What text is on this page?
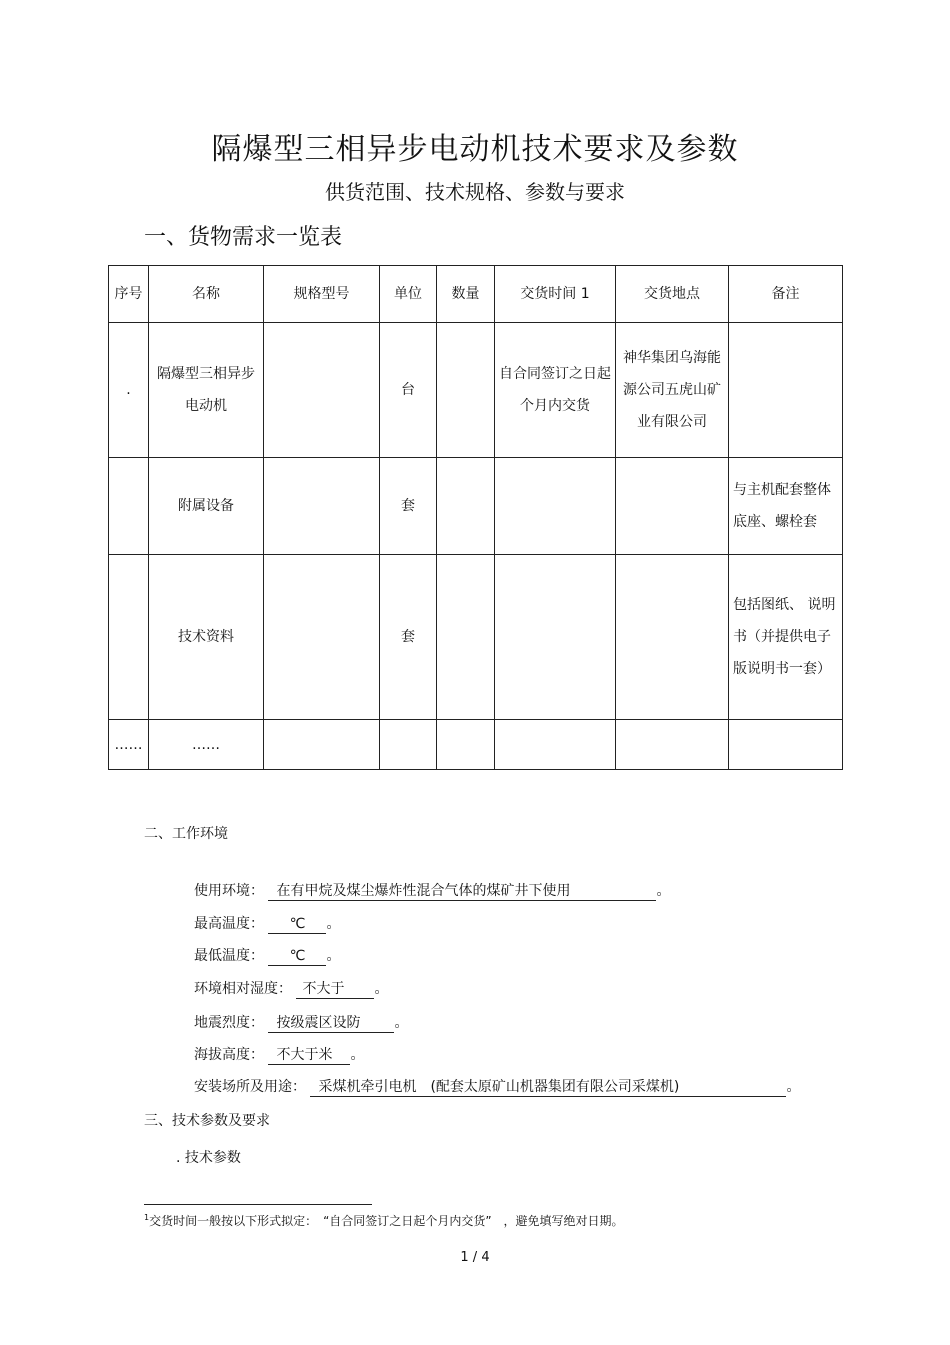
隔爆型三相异步电动机技术要求及参数
供货范围、技术规格、参数与要求
一、货物需求一览表
序号	名称	规格型号	单位	数量	交货时间 1	交货地点	备注
.	隔爆型三相异步电动机		台		自合同签订之日起个月内交货	神华集团乌海能源公司五虎山矿业有限公司	
	附属设备		套				与主机配套整体底座、螺栓套
	技术资料		套				包括图纸、 说明书（并提供电子版说明书一套）
……	……						
二、工作环境
使用环境： 在有甲烷及煤尘爆炸性混合气体的煤矿井下使用	。
最高温度： ℃ 。
最低温度： ℃ 。
环境相对湿度： 不大于 。
地震烈度： 按级震区设防 。
海拔高度： 不大于米 。
安装场所及用途： 采煤机牵引电机　(配套太原矿山机器集团有限公司采煤机)	。
三、技术参数及要求
. 技术参数
$^1$交货时间一般按以下形式拟定：　“自合同签订之日起个月内交货”　，避免填写绝对日期。
1 / 4
